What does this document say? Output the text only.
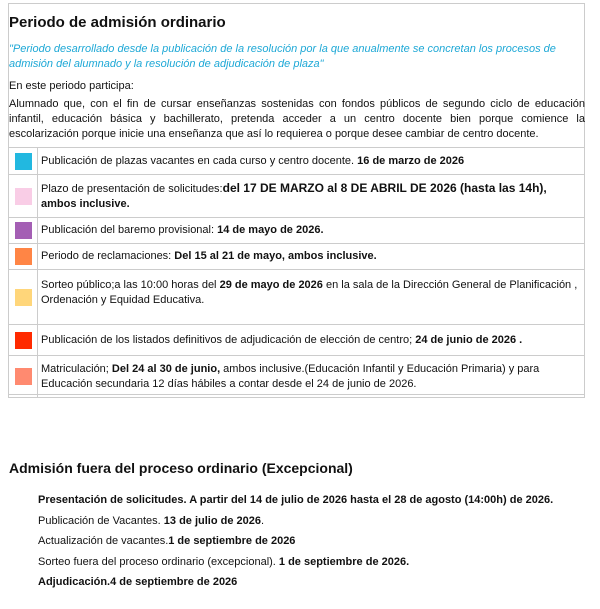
Periodo de admisión ordinario
"Periodo desarrollado desde la publicación de la resolución por la que anualmente se concretan los procesos de admisión del alumnado y la resolución de adjudicación de plaza"
En este periodo participa:
Alumnado que, con el fin de cursar enseñanzas sostenidas con fondos públicos de segundo ciclo de educación infantil, educación básica y bachillerato, pretenda acceder a un centro docente bien porque comience la escolarización porque inicie una enseñanza que así lo requierea o porque desee cambiar de centro docente.
	Publicación de plazas vacantes en cada curso y centro docente. 16 de marzo de 2026

	Plazo de presentación de solicitudes:del 17 DE MARZO al 8 DE ABRIL DE 2026 (hasta las 14h),
ambos inclusive.

	Publicación del baremo provisional: 14 de mayo de 2026.

	Periodo de reclamaciones: Del 15 al 21 de mayo, ambos inclusive.

	Sorteo público;a las 10:00 horas del 29 de mayo de 2026 en la sala de la Dirección General de Planificación , Ordenación y Equidad Educativa.

	Publicación de los listados definitivos de adjudicación de elección de centro; 24 de junio de 2026 .

	Matriculación; Del 24 al 30 de junio, ambos inclusive.(Educación Infantil y Educación Primaria) y para Educación secundaria 12 días hábiles a contar desde el 24 de junio de 2026.
Admisión fuera del proceso ordinario (Excepcional)
Presentación de solicitudes. A partir del 14 de julio de 2026 hasta el 28 de agosto (14:00h) de 2026.
Publicación de Vacantes. 13 de julio de 2026.
Actualización de vacantes.1 de septiembre de 2026
Sorteo fuera del proceso ordinario (excepcional). 1 de septiembre de 2026.
Adjudicación.4 de septiembre de 2026
